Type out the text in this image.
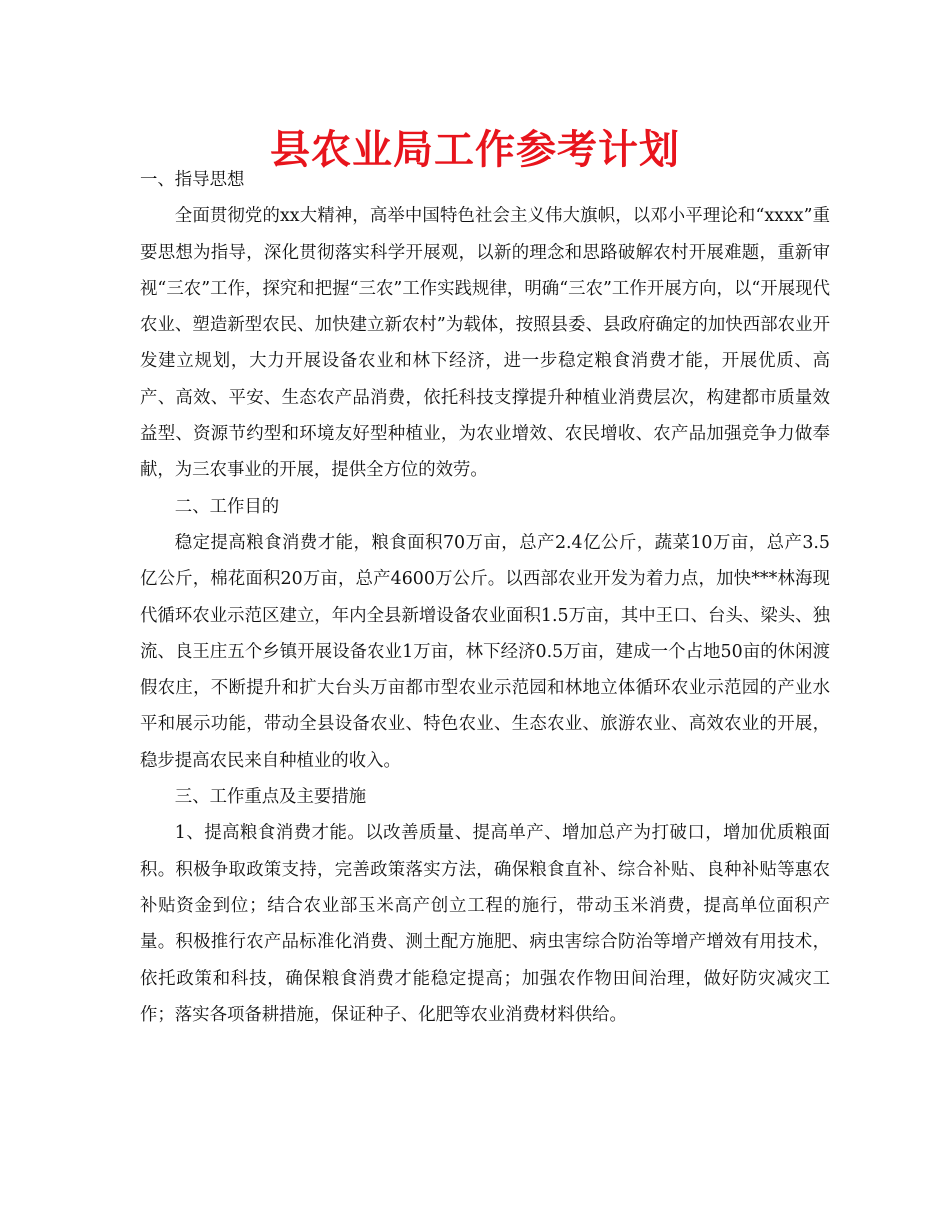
县农业局工作参考计划

一、指导思想

全面贯彻党的xx大精神，高举中国特色社会主义伟大旗帜，以邓小平理论和“xxxx”重要思想为指导，深化贯彻落实科学开展观，以新的理念和思路破解农村开展难题，重新审视“三农”工作，探究和把握“三农”工作实践规律，明确“三农”工作开展方向，以“开展现代农业、塑造新型农民、加快建立新农村”为载体，按照县委、县政府确定的加快西部农业开发建立规划，大力开展设备农业和林下经济，进一步稳定粮食消费才能，开展优质、高产、高效、平安、生态农产品消费，依托科技支撑提升种植业消费层次，构建都市质量效益型、资源节约型和环境友好型种植业，为农业增效、农民增收、农产品加强竞争力做奉献，为三农事业的开展，提供全方位的效劳。

二、工作目的

稳定提高粮食消费才能，粮食面积70万亩，总产2.4亿公斤，蔬菜10万亩，总产3.5亿公斤，棉花面积20万亩，总产4600万公斤。以西部农业开发为着力点，加快***林海现代循环农业示范区建立，年内全县新增设备农业面积1.5万亩，其中王口、台头、梁头、独流、良王庄五个乡镇开展设备农业1万亩，林下经济0.5万亩，建成一个占地50亩的休闲渡假农庄，不断提升和扩大台头万亩都市型农业示范园和林地立体循环农业示范园的产业水平和展示功能，带动全县设备农业、特色农业、生态农业、旅游农业、高效农业的开展，稳步提高农民来自种植业的收入。

三、工作重点及主要措施

1、提高粮食消费才能。以改善质量、提高单产、增加总产为打破口，增加优质粮面积。积极争取政策支持，完善政策落实方法，确保粮食直补、综合补贴、良种补贴等惠农补贴资金到位；结合农业部玉米高产创立工程的施行，带动玉米消费，提高单位面积产量。积极推行农产品标准化消费、测土配方施肥、病虫害综合防治等增产增效有用技术，依托政策和科技，确保粮食消费才能稳定提高；加强农作物田间治理，做好防灾减灾工作；落实各项备耕措施，保证种子、化肥等农业消费材料供给。
